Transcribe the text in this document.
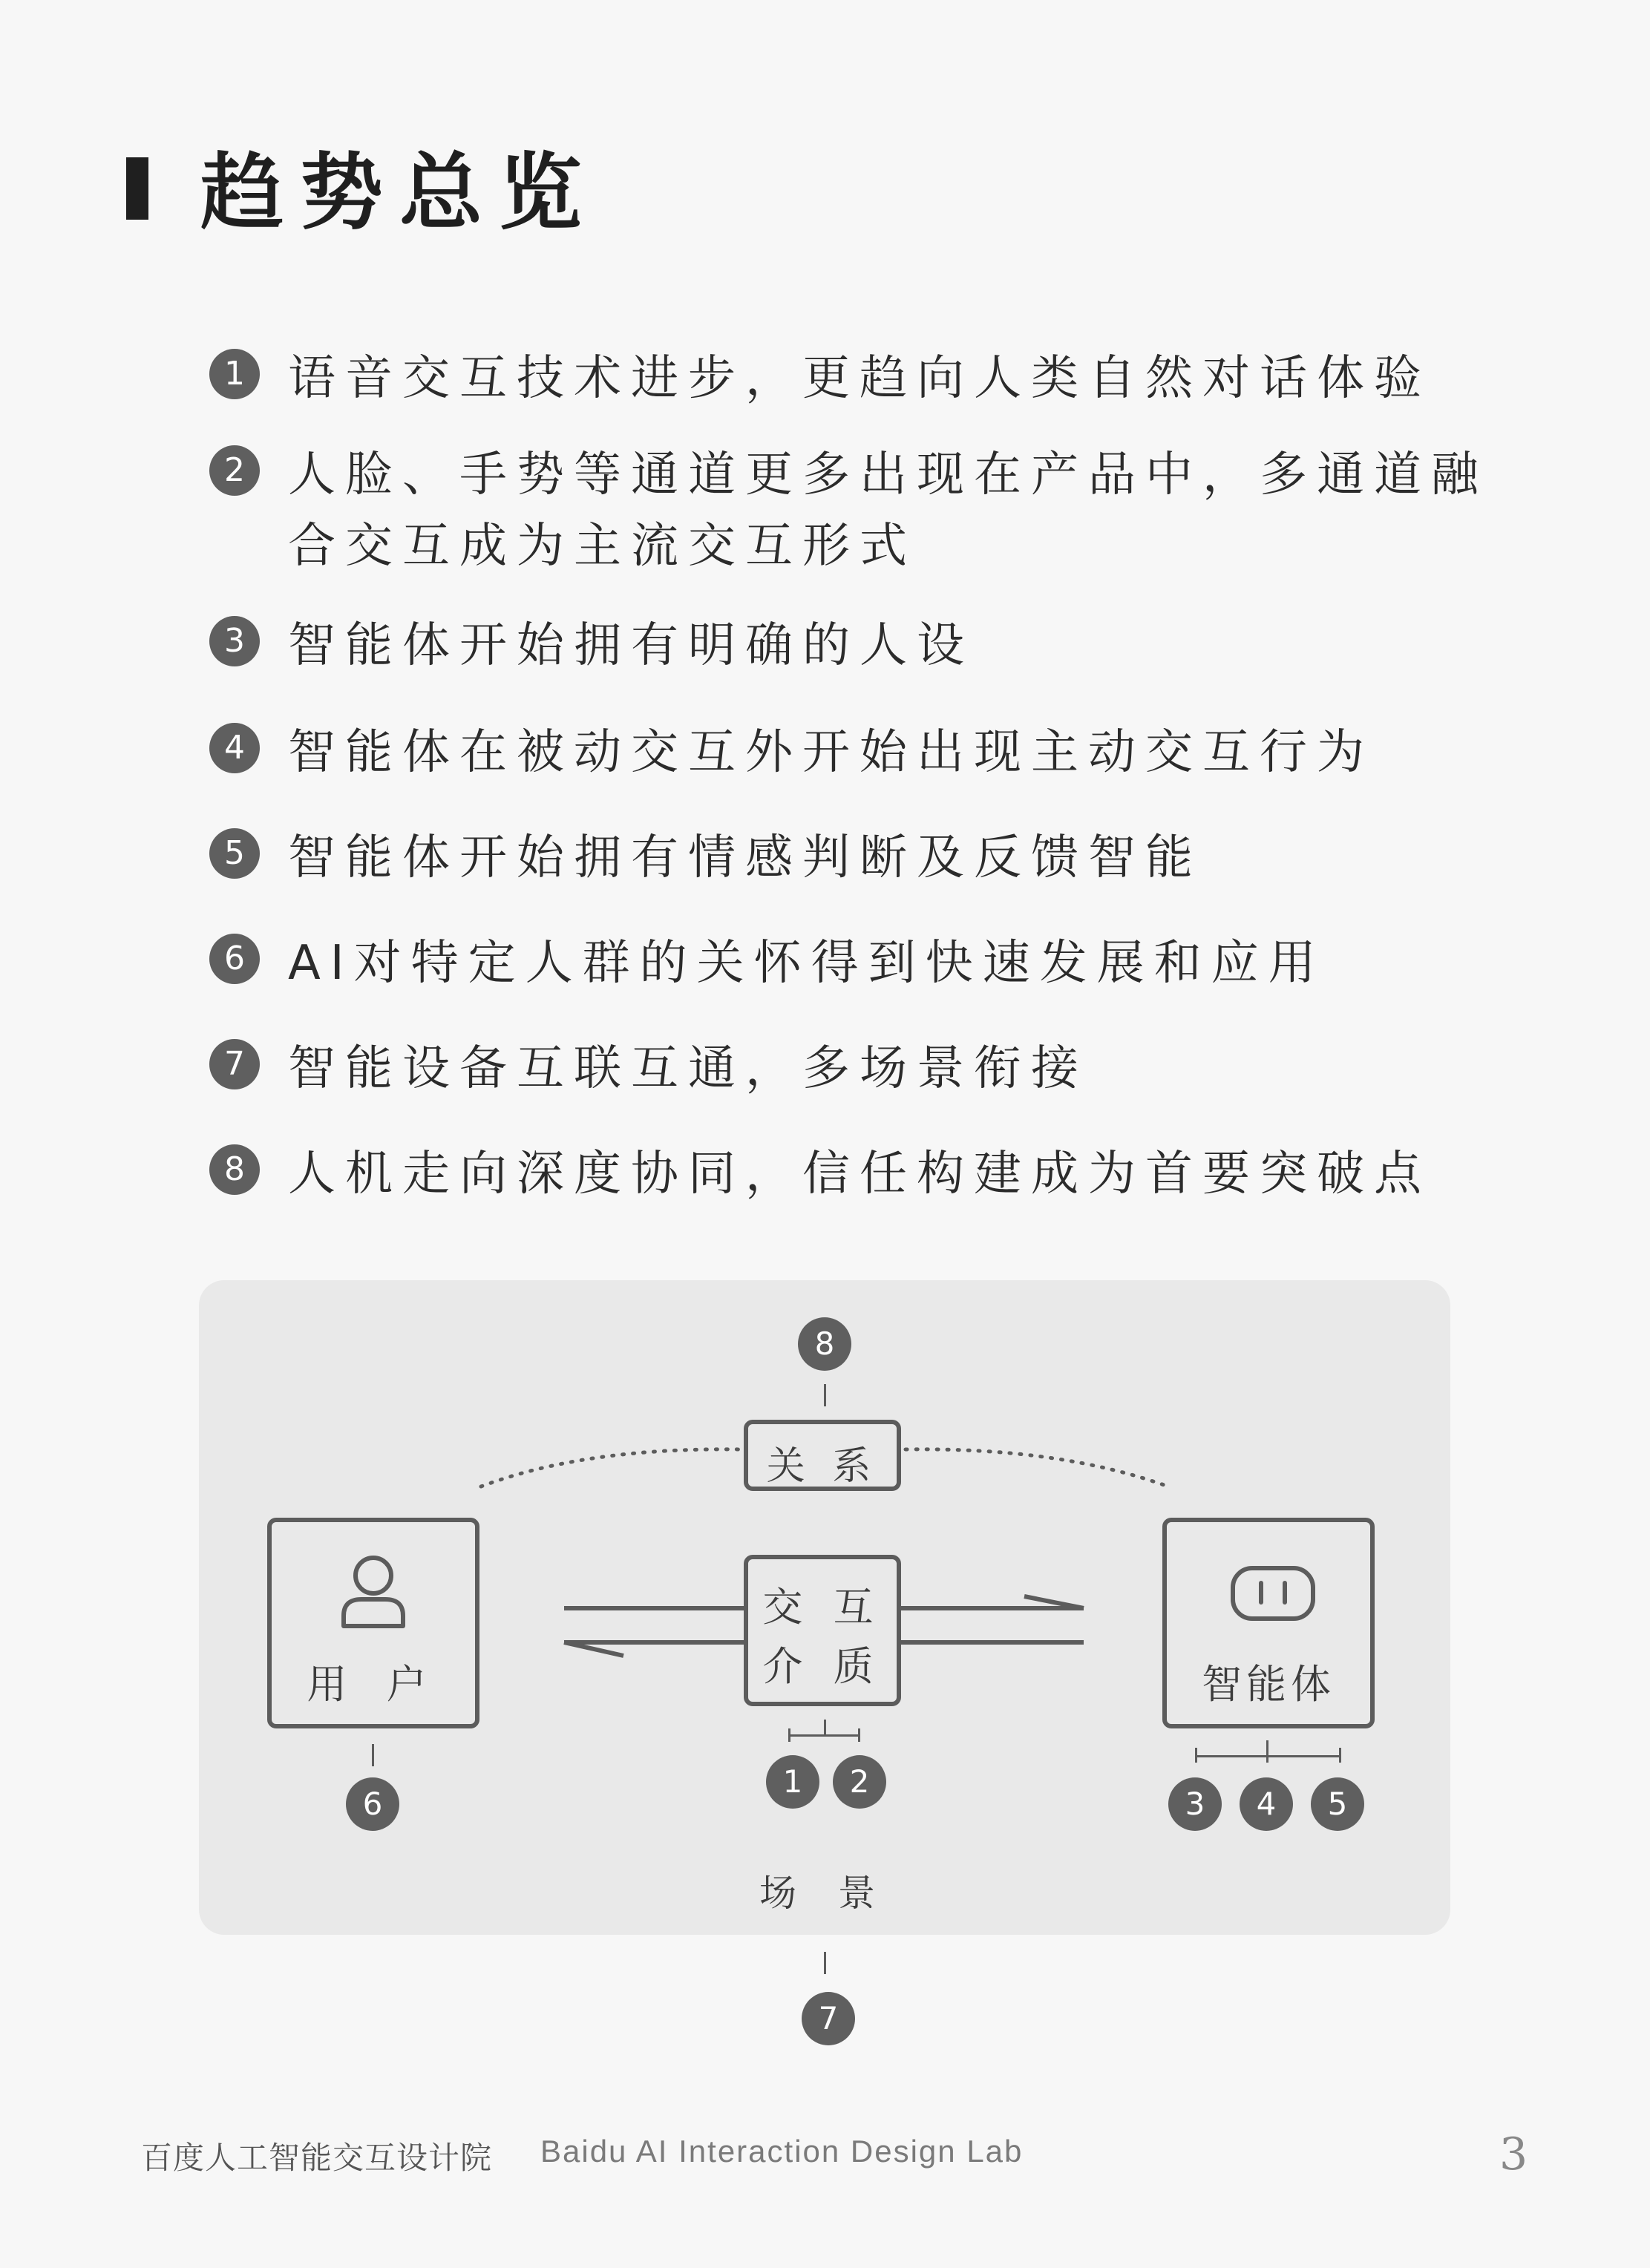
趋势总览
1 语音交互技术进步，更趋向人类自然对话体验
2 人脸、手势等通道更多出现在产品中，多通道融合交互成为主流交互形式
3 智能体开始拥有明确的人设
4 智能体在被动交互外开始出现主动交互行为
5 智能体开始拥有情感判断及反馈智能
6 AI对特定人群的关怀得到快速发展和应用
7 智能设备互联互通，多场景衔接
8 人机走向深度协同，信任构建成为首要突破点
8
关 系
用 户
6
交 互
介 质
1	2
智能体
3	4	5
场 景
7
百度人工智能交互设计院 Baidu AI Interaction Design Lab	3
